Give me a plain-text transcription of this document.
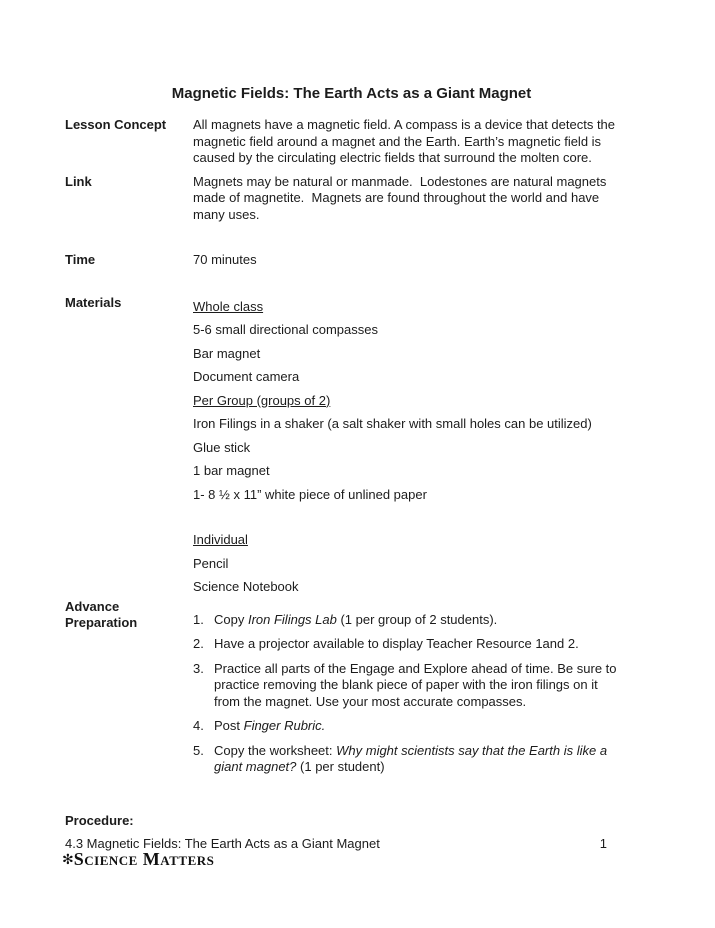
Magnetic Fields: The Earth Acts as a Giant Magnet
Lesson Concept	All magnets have a magnetic field. A compass is a device that detects the magnetic field around a magnet and the Earth. Earth’s magnetic field is caused by the circulating electric fields that surround the molten core.

Link	Magnets may be natural or manmade.  Lodestones are natural magnets made of magnetite.  Magnets are found throughout the world and have many uses.

Time	70 minutes

Materials	Whole class
5-6 small directional compasses
Bar magnet
Document camera
Per Group (groups of 2)
Iron Filings in a shaker (a salt shaker with small holes can be utilized)
Glue stick
1 bar magnet
1- 8 ½ x 11” white piece of unlined paper
Individual
Pencil
Science Notebook
Advance
Preparation	1. Copy Iron Filings Lab (1 per group of 2 students).
2. Have a projector available to display Teacher Resource 1and 2.
3. Practice all parts of the Engage and Explore ahead of time. Be sure to practice removing the blank piece of paper with the iron filings on it from the magnet. Use your most accurate compasses.
4. Post Finger Rubric.
5. Copy the worksheet: Why might scientists say that the Earth is like a giant magnet? (1 per student)
Procedure:
4.3 Magnetic Fields: The Earth Acts as a Giant Magnet	1
✻Science Matters
